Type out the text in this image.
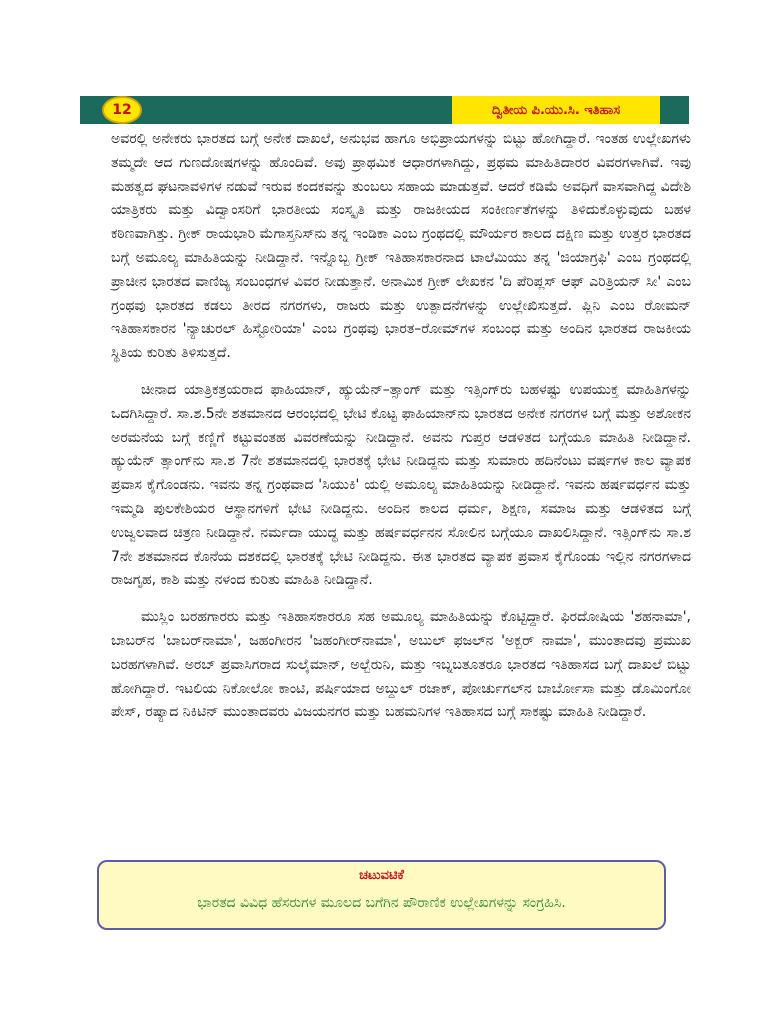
12	ದ್ವಿತೀಯ ಪಿ.ಯು.ಸಿ. ಇತಿಹಾಸ

ಅವರಲ್ಲಿ ಅನೇಕರು ಭಾರತದ ಬಗ್ಗೆ ಅನೇಕ ದಾಖಲೆ, ಅನುಭವ ಹಾಗೂ ಅಭಿಪ್ರಾಯಗಳನ್ನು ಬಿಟ್ಟು ಹೋಗಿದ್ದಾರೆ. ಇಂತಹ ಉಲ್ಲೇಖಗಳು ತಮ್ಮದೇ ಆದ ಗುಣದೋಷಗಳನ್ನು ಹೊಂದಿವೆ. ಅವು ಪ್ರಾಥಮಿಕ ಆಧಾರಗಳಾಗಿದ್ದು, ಪ್ರಥಮ ಮಾಹಿತಿದಾರರ ವಿವರಗಳಾಗಿವೆ. ಇವು ಮಹತ್ವದ ಘಟನಾವಳಿಗಳ ನಡುವೆ ಇರುವ ಕಂದಕವನ್ನು ತುಂಬಲು ಸಹಾಯ ಮಾಡುತ್ತವೆ. ಆದರೆ ಕಡಿಮೆ ಅವಧಿಗೆ ವಾಸವಾಗಿದ್ದ ವಿದೇಶಿ ಯಾತ್ರಿಕರು ಮತ್ತು ವಿದ್ವಾಂಸರಿಗೆ ಭಾರತೀಯ ಸಂಸ್ಕೃತಿ ಮತ್ತು ರಾಜಕೀಯದ ಸಂಕೀರ್ಣತೆಗಳನ್ನು ತಿಳಿದುಕೊಳ್ಳುವುದು ಬಹಳ ಕಠಿಣವಾಗಿತ್ತು. ಗ್ರೀಕ್ ರಾಯಭಾರಿ ಮೆಗಾಸ್ತನಿಸ್‌ನು ತನ್ನ ಇಂಡಿಕಾ ಎಂಬ ಗ್ರಂಥದಲ್ಲಿ ಮೌರ್ಯರ ಕಾಲದ ದಕ್ಷಿಣ ಮತ್ತು ಉತ್ತರ ಭಾರತದ ಬಗ್ಗೆ ಅಮೂಲ್ಯ ಮಾಹಿತಿಯನ್ನು ನೀಡಿದ್ದಾನೆ. ಇನ್ನೊಬ್ಬ ಗ್ರೀಕ್ ಇತಿಹಾಸಕಾರನಾದ ಟಾಲೆಮಿಯು ತನ್ನ 'ಜಿಯಾಗ್ರಫಿ' ಎಂಬ ಗ್ರಂಥದಲ್ಲಿ ಪ್ರಾಚೀನ ಭಾರತದ ವಾಣಿಜ್ಯ ಸಂಬಂಧಗಳ ವಿವರ ನೀಡುತ್ತಾನೆ. ಅನಾಮಿಕ ಗ್ರೀಕ್ ಲೇಖಕನ 'ದಿ ಪೆರಿಪ್ಲಸ್ ಆಫ್ ಎರಿತ್ರಿಯನ್ ಸೀ' ಎಂಬ ಗ್ರಂಥವು ಭಾರತದ ಕಡಲು ತೀರದ ನಗರಗಳು, ರಾಜರು ಮತ್ತು ಉತ್ಪಾದನೆಗಳನ್ನು ಉಲ್ಲೇಖಿಸುತ್ತದೆ. ಪ್ಲಿನಿ ಎಂಬ ರೋಮನ್ ಇತಿಹಾಸಕಾರನ 'ನ್ಯಾಚುರಲ್ ಹಿಸ್ಟೋರಿಯಾ' ಎಂಬ ಗ್ರಂಥವು ಭಾರತ–ರೋಮ್‌ಗಳ ಸಂಬಂಧ ಮತ್ತು ಅಂದಿನ ಭಾರತದ ರಾಜಕೀಯ ಸ್ಥಿತಿಯ ಕುರಿತು ತಿಳಿಸುತ್ತದೆ.

ಚೀನಾದ ಯಾತ್ರಿಕತ್ರಯರಾದ ಫಾಹಿಯಾನ್, ಹ್ಯುಯೆನ್–ತ್ಸಾಂಗ್ ಮತ್ತು ಇತ್ಸಿಂಗ್‌ರು ಬಹಳಷ್ಟು ಉಪಯುಕ್ತ ಮಾಹಿತಿಗಳನ್ನು ಒದಗಿಸಿದ್ದಾರೆ. ಸಾ.ಶ.5ನೇ ಶತಮಾನದ ಆರಂಭದಲ್ಲಿ ಭೇಟಿ ಕೊಟ್ಟ ಫಾಹಿಯಾನ್‌ನು ಭಾರತದ ಅನೇಕ ನಗರಗಳ ಬಗ್ಗೆ ಮತ್ತು ಅಶೋಕನ ಅರಮನೆಯ ಬಗ್ಗೆ ಕಣ್ಣಿಗೆ ಕಟ್ಟುವಂತಹ ವಿವರಣೆಯನ್ನು ನೀಡಿದ್ದಾನೆ. ಅವನು ಗುಪ್ತರ ಆಡಳಿತದ ಬಗ್ಗೆಯೂ ಮಾಹಿತಿ ನೀಡಿದ್ದಾನೆ. ಹ್ಯುಯೆನ್ ತ್ಸಾಂಗ್‌ನು ಸಾ.ಶ 7ನೇ ಶತಮಾನದಲ್ಲಿ ಭಾರತಕ್ಕೆ ಭೇಟಿ ನೀಡಿದ್ದನು ಮತ್ತು ಸುಮಾರು ಹದಿನೆಂಟು ವರ್ಷಗಳ ಕಾಲ ವ್ಯಾಪಕ ಪ್ರವಾಸ ಕೈಗೊಂಡನು. ಇವನು ತನ್ನ ಗ್ರಂಥವಾದ 'ಸಿಯುಕಿ' ಯಲ್ಲಿ ಅಮೂಲ್ಯ ಮಾಹಿತಿಯನ್ನು ನೀಡಿದ್ದಾನೆ. ಇವನು ಹರ್ಷವರ್ಧನ ಮತ್ತು ಇಮ್ಮಡಿ ಪುಲಕೇಶಿಯರ ಆಸ್ಥಾನಗಳಿಗೆ ಭೇಟಿ ನೀಡಿದ್ದನು. ಅಂದಿನ ಕಾಲದ ಧರ್ಮ, ಶಿಕ್ಷಣ, ಸಮಾಜ ಮತ್ತು ಆಡಳಿತದ ಬಗ್ಗೆ ಉಜ್ವಲವಾದ ಚಿತ್ರಣ ನೀಡಿದ್ದಾನೆ. ನರ್ಮದಾ ಯುದ್ಧ ಮತ್ತು ಹರ್ಷವರ್ಧನನ ಸೋಲಿನ ಬಗ್ಗೆಯೂ ದಾಖಲಿಸಿದ್ದಾನೆ. ಇತ್ಸಿಂಗ್‌ನು ಸಾ.ಶ 7ನೇ ಶತಮಾನದ ಕೊನೆಯ ದಶಕದಲ್ಲಿ ಭಾರತಕ್ಕೆ ಭೇಟಿ ನೀಡಿದ್ದನು. ಈತ ಭಾರತದ ವ್ಯಾಪಕ ಪ್ರವಾಸ ಕೈಗೊಂಡು ಇಲ್ಲಿನ ನಗರಗಳಾದ ರಾಜಗೃಹ, ಕಾಶಿ ಮತ್ತು ನಳಂದ ಕುರಿತು ಮಾಹಿತಿ ನೀಡಿದ್ದಾನೆ.

ಮುಸ್ಲಿಂ ಬರಹಗಾರರು ಮತ್ತು ಇತಿಹಾಸಕಾರರೂ ಸಹ ಅಮೂಲ್ಯ ಮಾಹಿತಿಯನ್ನು ಕೊಟ್ಟಿದ್ದಾರೆ. ಫಿರದೋಷಿಯ 'ಶಹನಾಮಾ', ಬಾಬರ್‌ನ 'ಬಾಬರ್‌ನಾಮಾ', ಜಹಂಗೀರನ 'ಜಹಂಗೀರ್‌ನಾಮಾ', ಅಬುಲ್ ಫಜಲ್‌ನ 'ಅಕ್ಬರ್ ನಾಮಾ', ಮುಂತಾದವು ಪ್ರಮುಖ ಬರಹಗಳಾಗಿವೆ. ಅರಬ್ ಪ್ರವಾಸಿಗರಾದ ಸುಲೈಮಾನ್, ಅಲ್ಬೆರುನಿ, ಮತ್ತು ಇಬ್ನಬತೂತರೂ ಭಾರತದ ಇತಿಹಾಸದ ಬಗ್ಗೆ ದಾಖಲೆ ಬಿಟ್ಟು ಹೋಗಿದ್ದಾರೆ. ಇಟಲಿಯ ನಿಕೋಲೋ ಕಾಂಟಿ, ಪರ್ಷಿಯಾದ ಅಬ್ದುಲ್ ರಜಾಕ್, ಪೋರ್ಚುಗಲ್‌ನ ಬಾರ್ಬೋಸಾ ಮತ್ತು ಡೊಮಿಂಗೋ ಪೇಸ್, ರಷ್ಯಾದ ನಿಕಿಟಿನ್ ಮುಂತಾದವರು ವಿಜಯನಗರ ಮತ್ತು ಬಹಮನಿಗಳ ಇತಿಹಾಸದ ಬಗ್ಗೆ ಸಾಕಷ್ಟು ಮಾಹಿತಿ ನೀಡಿದ್ದಾರೆ.

ಚಟುವಟಿಕೆ
ಭಾರತದ ವಿವಿಧ ಹೆಸರುಗಳ ಮೂಲದ ಬಗೆಗಿನ ಪೌರಾಣಿಕ ಉಲ್ಲೇಖಗಳನ್ನು ಸಂಗ್ರಹಿಸಿ.
